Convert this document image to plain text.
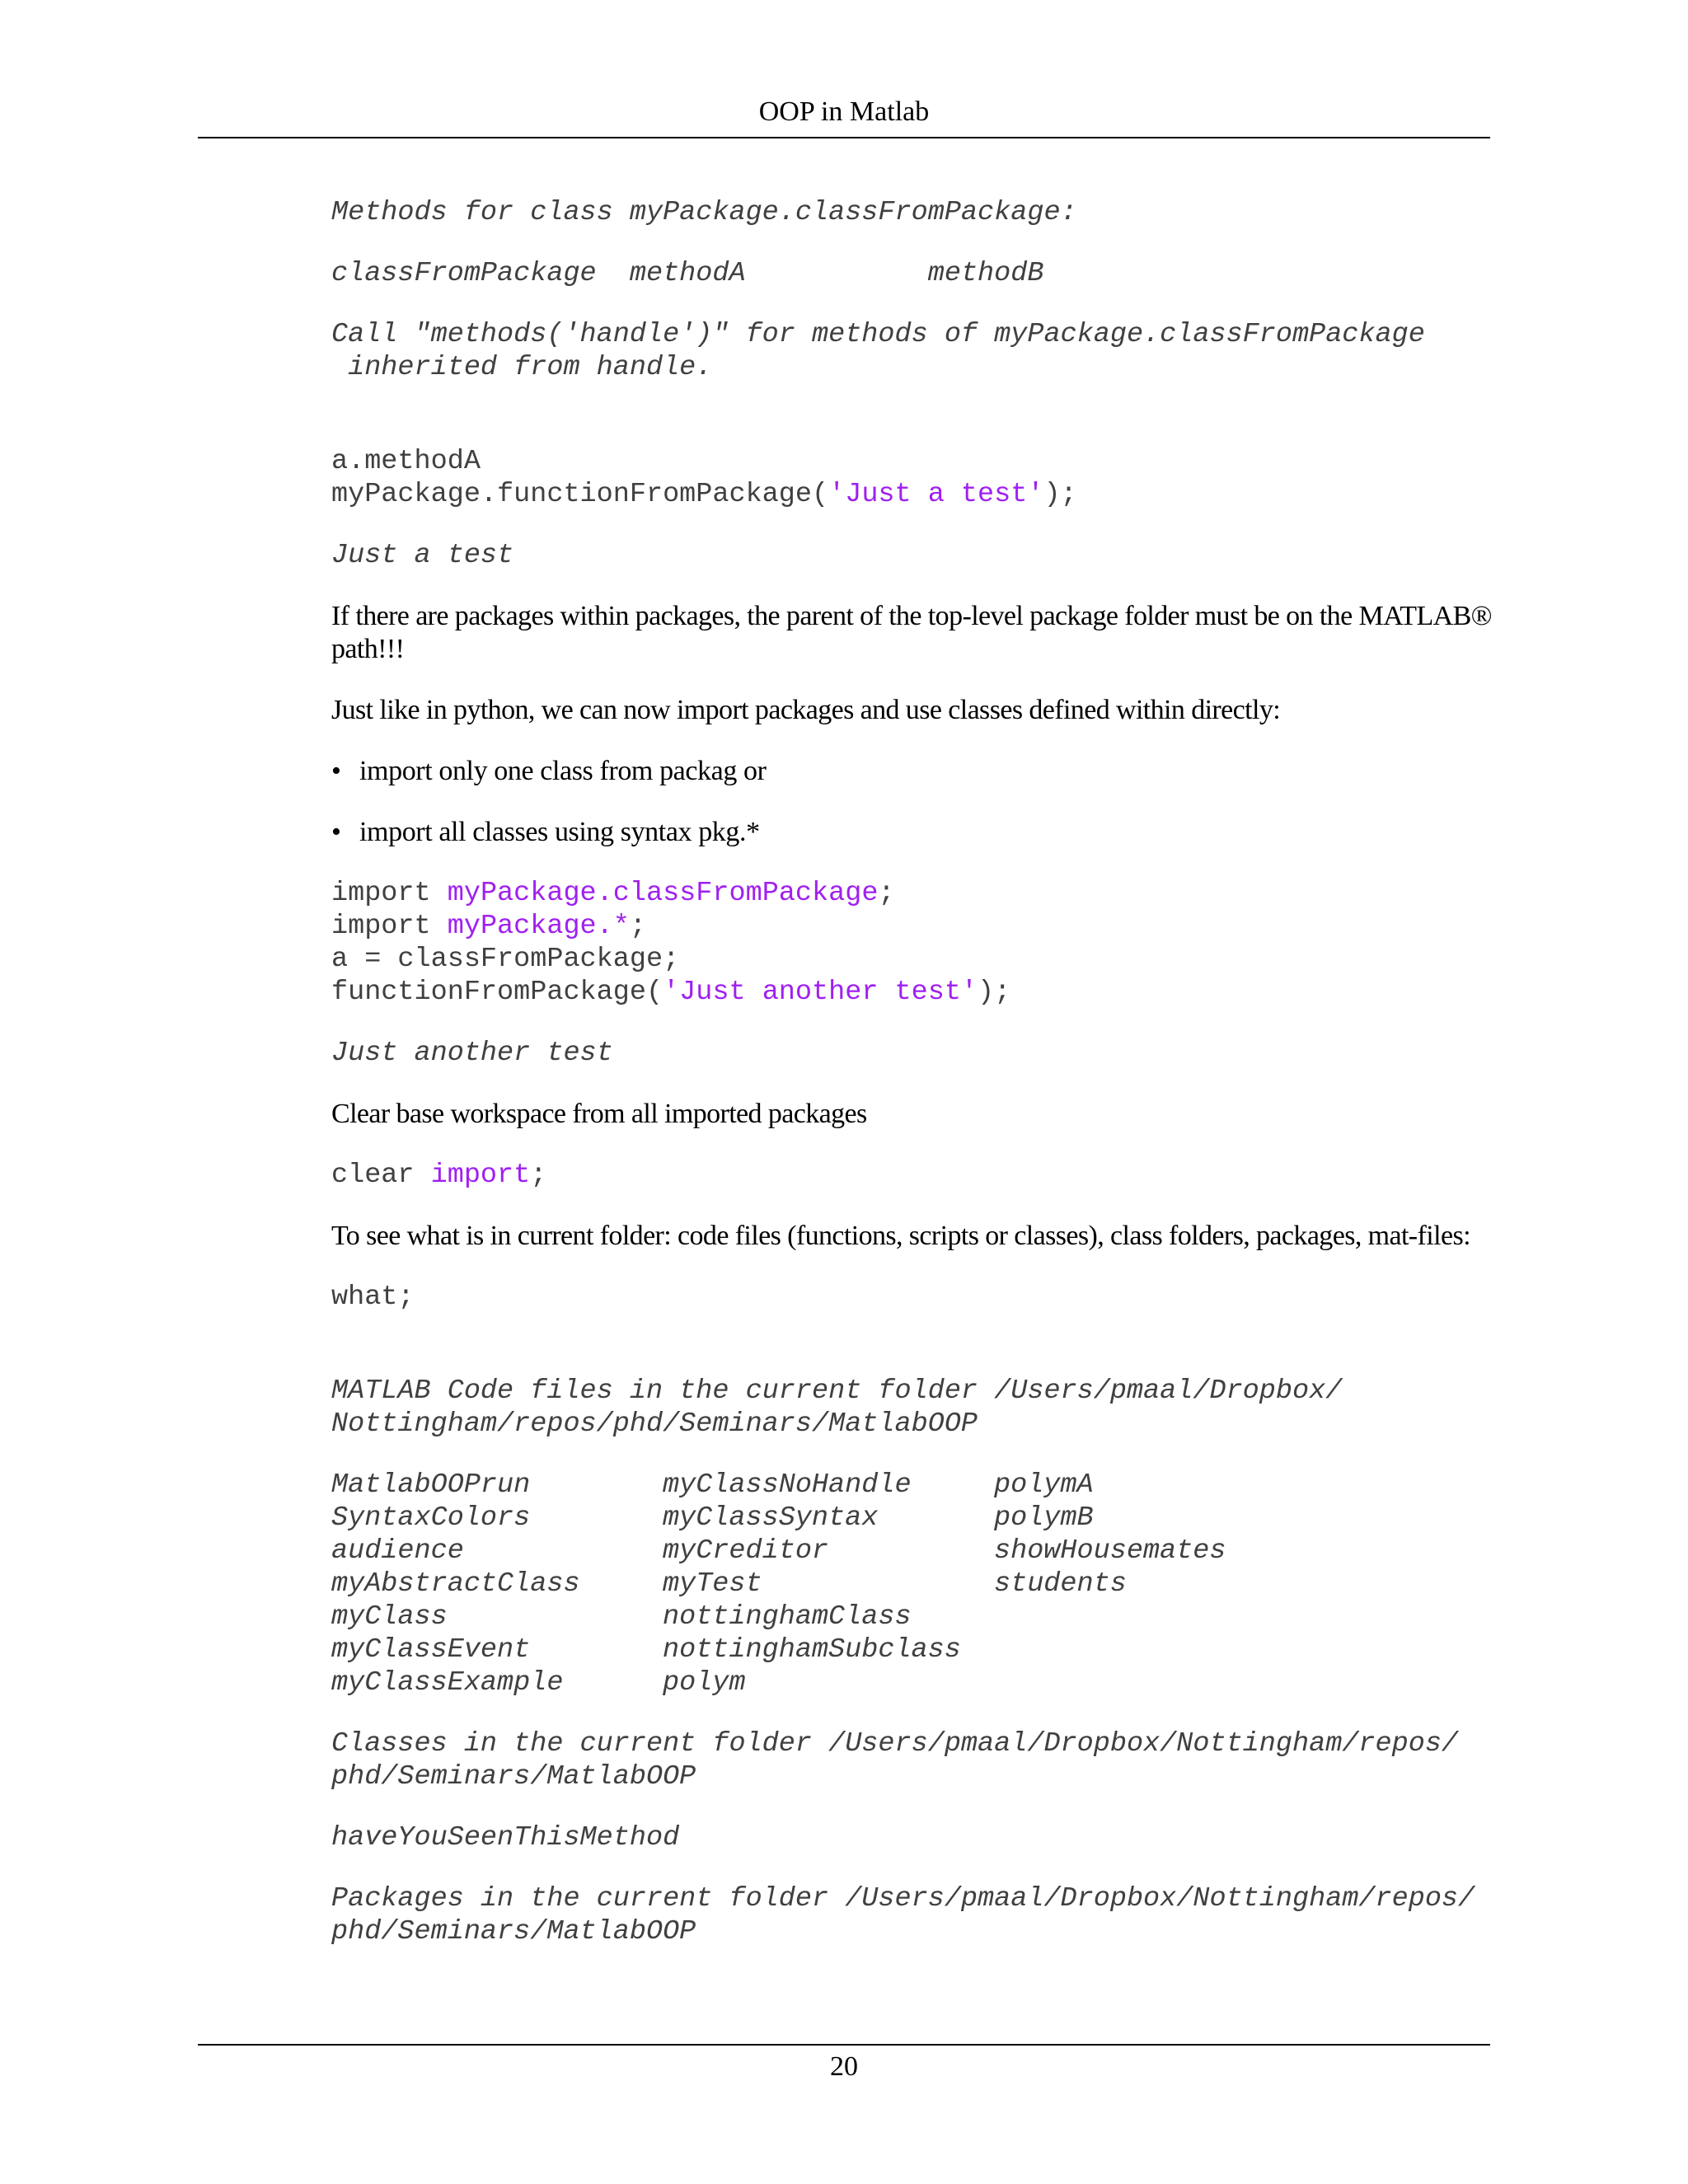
OOP in Matlab
Methods for class myPackage.classFromPackage:
classFromPackage methodA	methodB
Call "methods('handle')" for methods of myPackage.classFromPackage
inherited from handle.
a.methodA
myPackage.functionFromPackage('Just a test');
Just a test
If there are packages within packages, the parent of the top-level package folder must be on the MATLAB® path!!!
Just like in python, we can now import packages and use classes defined within directly:
• import only one class from packag or
• import all classes using syntax pkg.*
import myPackage.classFromPackage;
import myPackage.*;
a = classFromPackage;
functionFromPackage('Just another test');
Just another test
Clear base workspace from all imported packages
clear import;
To see what is in current folder: code files (functions, scripts or classes), class folders, packages, mat-files:
what;
MATLAB Code files in the current folder /Users/pmaal/Dropbox/
Nottingham/repos/phd/Seminars/MatlabOOP
MatlabOOPrun	myClassNoHandle	polymA
SyntaxColors	myClassSyntax	polymB
audience	myCreditor	showHousemates
myAbstractClass	myTest	students
myClass	nottinghamClass
myClassEvent	nottinghamSubclass
myClassExample	polym
Classes in the current folder /Users/pmaal/Dropbox/Nottingham/repos/
phd/Seminars/MatlabOOP
haveYouSeenThisMethod
Packages in the current folder /Users/pmaal/Dropbox/Nottingham/repos/
phd/Seminars/MatlabOOP
20
